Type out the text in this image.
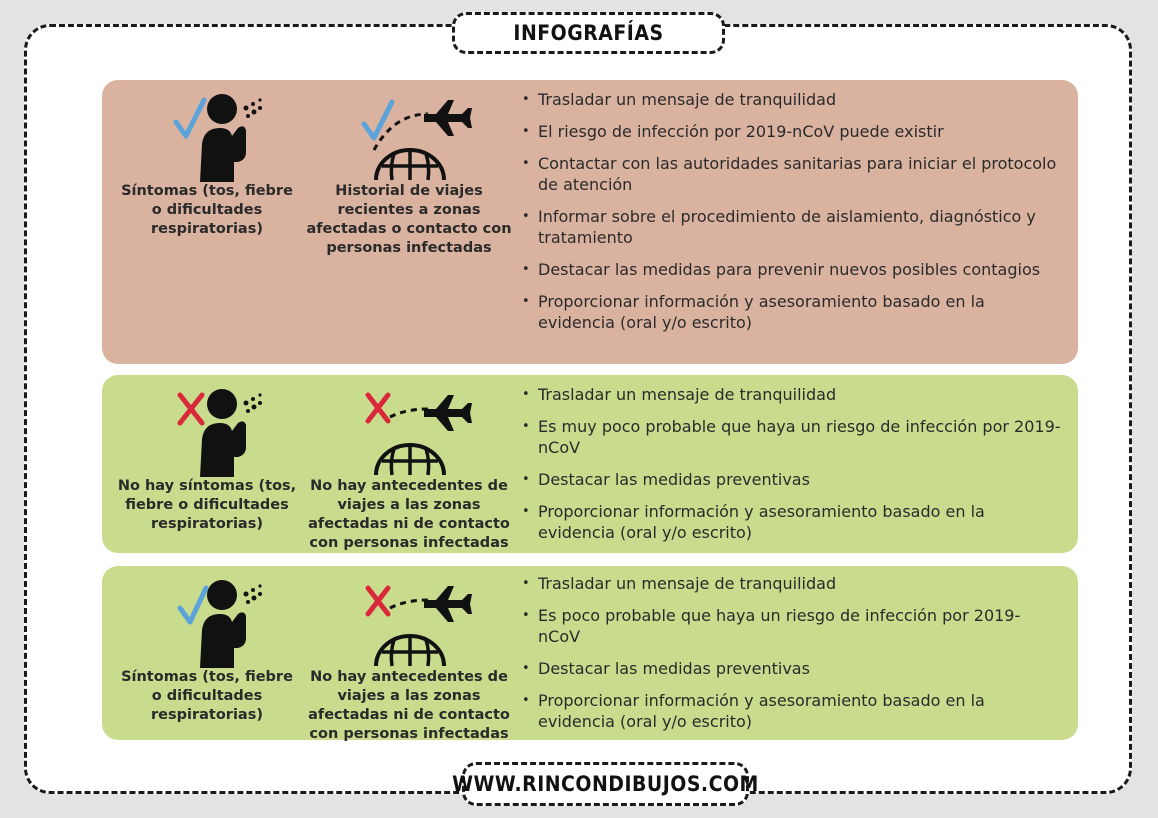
INFOGRAFÍAS
Síntomas (tos, fiebre o dificultades respiratorias)
Historial de viajes recientes a zonas afectadas o contacto con personas infectadas
• Trasladar un mensaje de tranquilidad
• El riesgo de infección por 2019-nCoV puede existir
• Contactar con las autoridades sanitarias para iniciar el protocolo de atención
• Informar sobre el procedimiento de aislamiento, diagnóstico y tratamiento
• Destacar las medidas para prevenir nuevos posibles contagios
• Proporcionar información y asesoramiento basado en la evidencia (oral y/o escrito)
No hay síntomas (tos, fiebre o dificultades respiratorias)
No hay antecedentes de viajes a las zonas afectadas ni de contacto con personas infectadas
• Trasladar un mensaje de tranquilidad
• Es muy poco probable que haya un riesgo de infección por 2019-nCoV
• Destacar las medidas preventivas
• Proporcionar información y asesoramiento basado en la evidencia (oral y/o escrito)
Síntomas (tos, fiebre o dificultades respiratorias)
No hay antecedentes de viajes a las zonas afectadas ni de contacto con personas infectadas
• Trasladar un mensaje de tranquilidad
• Es poco probable que haya un riesgo de infección por 2019-nCoV
• Destacar las medidas preventivas
• Proporcionar información y asesoramiento basado en la evidencia (oral y/o escrito)
WWW.RINCONDIBUJOS.COM
